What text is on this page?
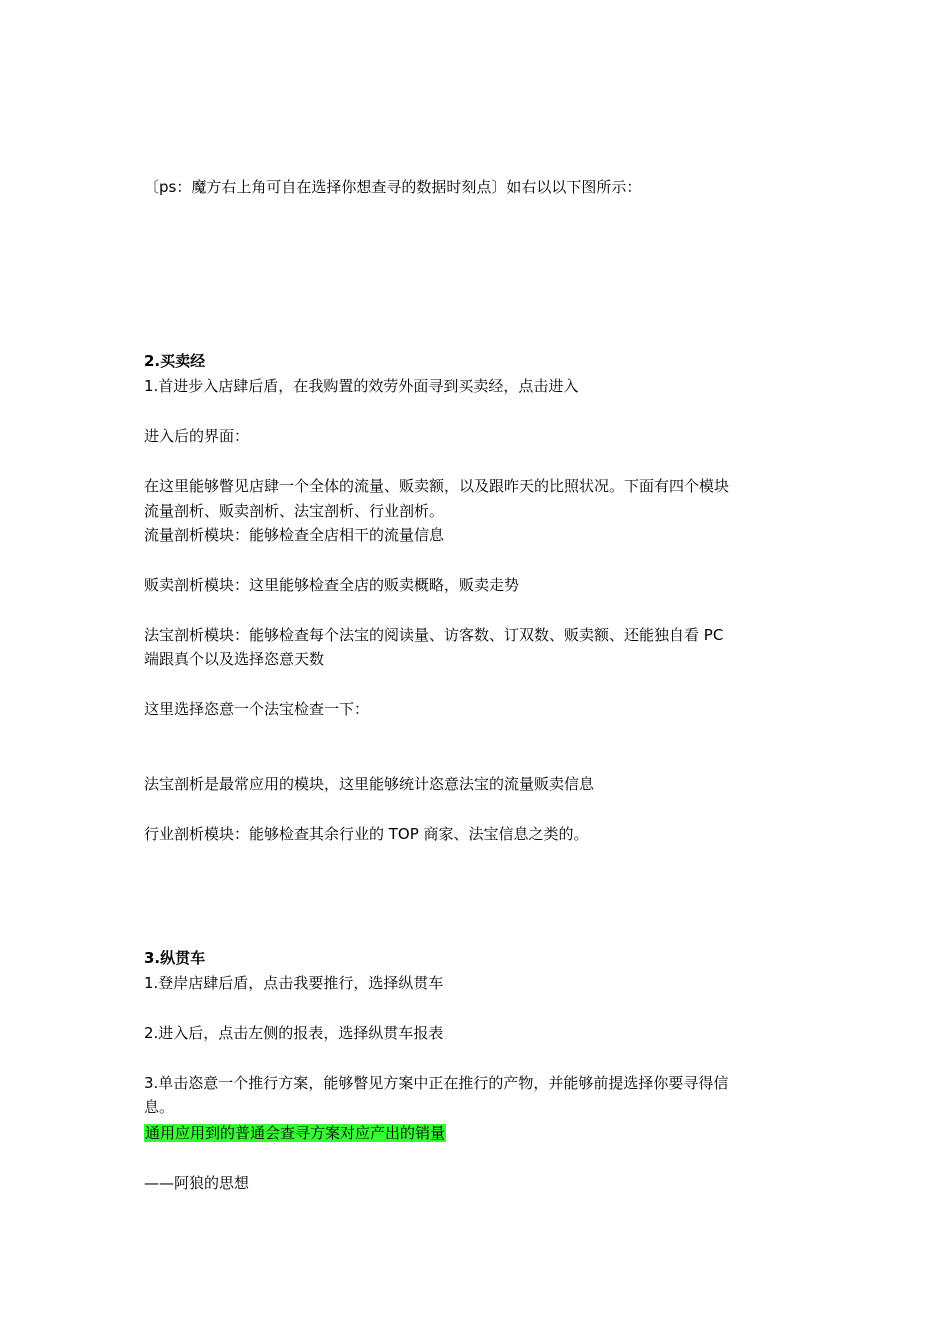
〔ps：魔方右上角可自在选择你想查寻的数据时刻点〕如右以以下图所示：
2.买卖经
1.首进步入店肆后盾，在我购置的效劳外面寻到买卖经，点击进入
进入后的界面：
在这里能够瞥见店肆一个全体的流量、贩卖额，以及跟昨天的比照状况。下面有四个模块
流量剖析、贩卖剖析、法宝剖析、行业剖析。
流量剖析模块：能够检查全店相干的流量信息
贩卖剖析模块：这里能够检查全店的贩卖概略，贩卖走势
法宝剖析模块：能够检查每个法宝的阅读量、访客数、订双数、贩卖额、还能独自看 PC
端跟真个以及选择恣意天数
这里选择恣意一个法宝检查一下：
法宝剖析是最常应用的模块，这里能够统计恣意法宝的流量贩卖信息
行业剖析模块：能够检查其余行业的 TOP 商家、法宝信息之类的。
3.纵贯车
1.登岸店肆后盾，点击我要推行，选择纵贯车
2.进入后，点击左侧的报表，选择纵贯车报表
3.单击恣意一个推行方案，能够瞥见方案中正在推行的产物，并能够前提选择你要寻得信
息。
通用应用到的普通会查寻方案对应产出的销量
——阿狼的思想
